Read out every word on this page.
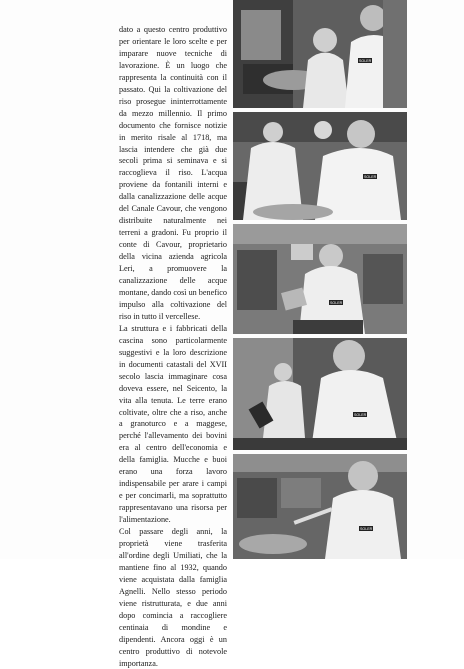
dato a questo centro produttivo per orientare le loro scelte e per imparare nuove tecniche di lavorazione. È un luogo che rappresenta la continuità con il passato. Qui la coltivazione del riso prosegue ininterrottamente da mezzo millennio. Il primo documento che fornisce notizie in merito risale al 1718, ma lascia intendere che già due secoli prima si seminava e si raccoglieva il riso. L'acqua proviene da fontanili interni e dalla canalizzazione delle acque del Canale Cavour, che vengono distribuite naturalmente nei terreni a gradoni. Fu proprio il conte di Cavour, proprietario della vicina azienda agricola Leri, a promuovere la canalizzazione delle acque montane, dando così un benefico impulso alla coltivazione del riso in tutto il vercellese.

La struttura e i fabbricati della cascina sono particolarmente suggestivi e la loro descrizione in documenti catastali del XVII secolo lascia immaginare cosa doveva essere, nel Seicento, la vita alla tenuta. Le terre erano coltivate, oltre che a riso, anche a granoturco e a maggese, perché l'allevamento dei bovini era al centro dell'economia e della famiglia. Mucche e buoi erano una forza lavoro indispensabile per arare i campi e per concimarli, ma soprattutto rappresentavano una risorsa per l'alimentazione.

Col passare degli anni, la proprietà viene trasferita all'ordine degli Umiliati, che la mantiene fino al 1932, quando viene acquistata dalla famiglia Agnelli. Nello stesso periodo viene ristrutturata, e due anni dopo comincia a raccogliere centinaia di mondine e dipendenti. Ancora oggi è un centro produttivo di notevole importanza.

SOLER
SOLER
SOLER
SOLER
SOLER
